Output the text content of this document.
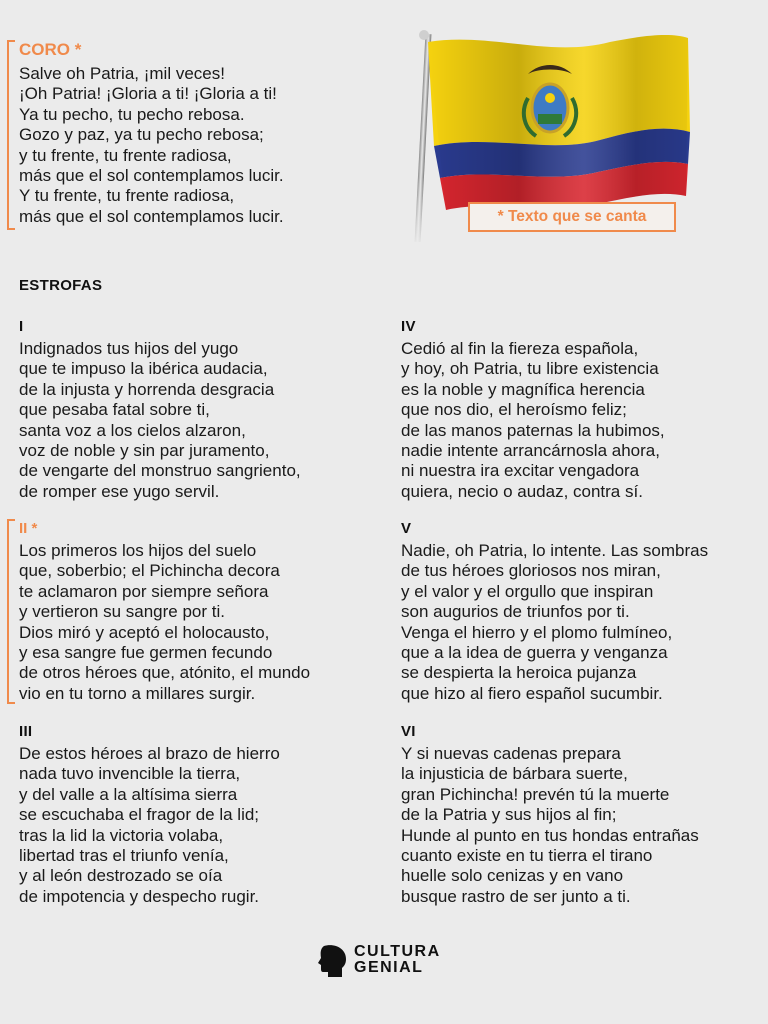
CORO *
Salve oh Patria, ¡mil veces!
¡Oh Patria! ¡Gloria a ti! ¡Gloria a ti!
Ya tu pecho, tu pecho rebosa.
Gozo y paz, ya tu pecho rebosa;
y tu frente, tu frente radiosa,
más que el sol contemplamos lucir.
Y tu frente, tu frente radiosa,
más que el sol contemplamos lucir.	* Texto que se canta
ESTROFAS
I
Indignados tus hijos del yugo
que te impuso la ibérica audacia,
de la injusta y horrenda desgracia
que pesaba fatal sobre ti,
santa voz a los cielos alzaron,
voz de noble y sin par juramento,
de vengarte del monstruo sangriento,
de romper ese yugo servil.
II *
Los primeros los hijos del suelo
que, soberbio; el Pichincha decora
te aclamaron por siempre señora
y vertieron su sangre por ti.
Dios miró y aceptó el holocausto,
y esa sangre fue germen fecundo
de otros héroes que, atónito, el mundo
vio en tu torno a millares surgir.
III
De estos héroes al brazo de hierro
nada tuvo invencible la tierra,
y del valle a la altísima sierra
se escuchaba el fragor de la lid;
tras la lid la victoria volaba,
libertad tras el triunfo venía,
y al león destrozado se oía
de impotencia y despecho rugir.
IV
Cedió al fin la fiereza española,
y hoy, oh Patria, tu libre existencia
es la noble y magnífica herencia
que nos dio, el heroísmo feliz;
de las manos paternas la hubimos,
nadie intente arrancárnosla ahora,
ni nuestra ira excitar vengadora
quiera, necio o audaz, contra sí.
V
Nadie, oh Patria, lo intente. Las sombras
de tus héroes gloriosos nos miran,
y el valor y el orgullo que inspiran
son augurios de triunfos por ti.
Venga el hierro y el plomo fulmíneo,
que a la idea de guerra y venganza
se despierta la heroica pujanza
que hizo al fiero español sucumbir.
VI
Y si nuevas cadenas prepara
la injusticia de bárbara suerte,
gran Pichincha! prevén tú la muerte
de la Patria y sus hijos al fin;
Hunde al punto en tus hondas entrañas
cuanto existe en tu tierra el tirano
huelle solo cenizas y en vano
busque rastro de ser junto a ti.
CULTURA
GENIAL
